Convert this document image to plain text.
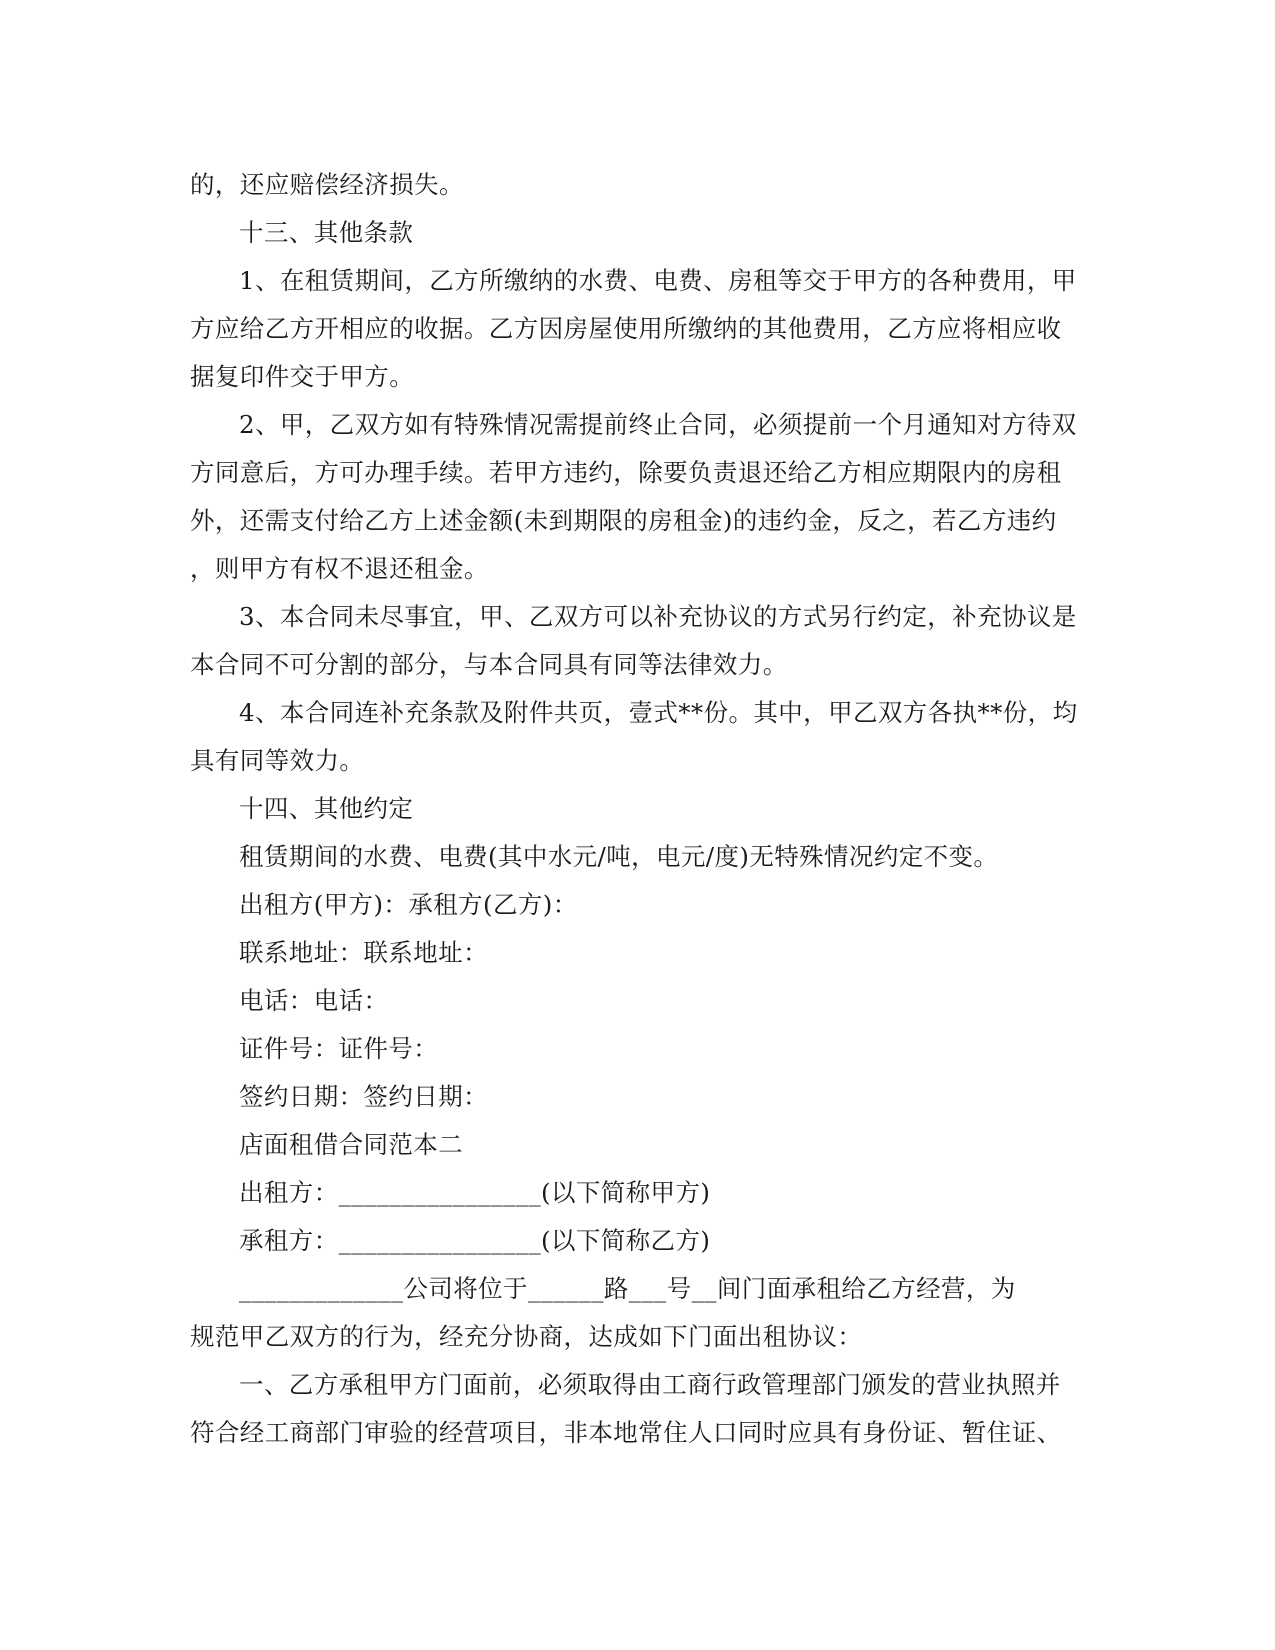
的，还应赔偿经济损失。

十三、其他条款

1、在租赁期间，乙方所缴纳的水费、电费、房租等交于甲方的各种费用，甲

方应给乙方开相应的收据。乙方因房屋使用所缴纳的其他费用，乙方应将相应收

据复印件交于甲方。

2、甲，乙双方如有特殊情况需提前终止合同，必须提前一个月通知对方待双

方同意后，方可办理手续。若甲方违约，除要负责退还给乙方相应期限内的房租

外，还需支付给乙方上述金额(未到期限的房租金)的违约金，反之，若乙方违约

，则甲方有权不退还租金。

3、本合同未尽事宜，甲、乙双方可以补充协议的方式另行约定，补充协议是

本合同不可分割的部分，与本合同具有同等法律效力。

4、本合同连补充条款及附件共页，壹式**份。其中，甲乙双方各执**份，均

具有同等效力。

十四、其他约定

租赁期间的水费、电费(其中水元/吨，电元/度)无特殊情况约定不变。

出租方(甲方)：承租方(乙方)：

联系地址：联系地址：

电话：电话：

证件号：证件号：

签约日期：签约日期：

店面租借合同范本二

出租方：________________(以下简称甲方)

承租方：________________(以下简称乙方)

_____________公司将位于______路___号__间门面承租给乙方经营，为

规范甲乙双方的行为，经充分协商，达成如下门面出租协议：

一、乙方承租甲方门面前，必须取得由工商行政管理部门颁发的营业执照并

符合经工商部门审验的经营项目，非本地常住人口同时应具有身份证、暂住证、
